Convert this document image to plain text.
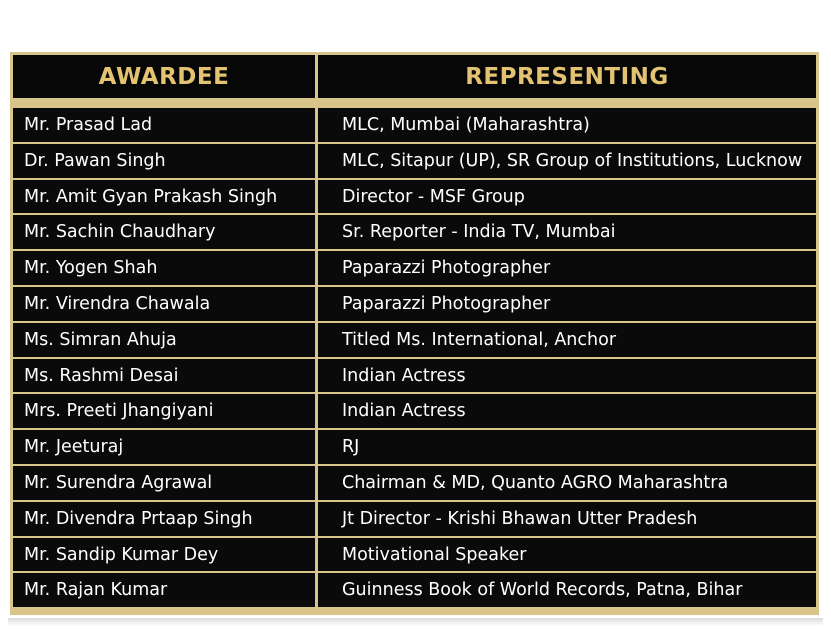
AWARDEE	REPRESENTING
Mr. Prasad Lad	MLC, Mumbai (Maharashtra)
Dr. Pawan Singh	MLC, Sitapur (UP), SR Group of Institutions, Lucknow
Mr. Amit Gyan Prakash Singh	Director - MSF Group
Mr. Sachin Chaudhary	Sr. Reporter - India TV, Mumbai
Mr. Yogen Shah	Paparazzi Photographer
Mr. Virendra Chawala	Paparazzi Photographer
Ms. Simran Ahuja	Titled Ms. International, Anchor
Ms. Rashmi Desai	Indian Actress
Mrs. Preeti Jhangiyani	Indian Actress
Mr. Jeeturaj	RJ
Mr. Surendra Agrawal	Chairman & MD, Quanto AGRO Maharashtra
Mr. Divendra Prtaap Singh	Jt Director - Krishi Bhawan Utter Pradesh
Mr. Sandip Kumar Dey	Motivational Speaker
Mr. Rajan Kumar	Guinness Book of World Records, Patna, Bihar
